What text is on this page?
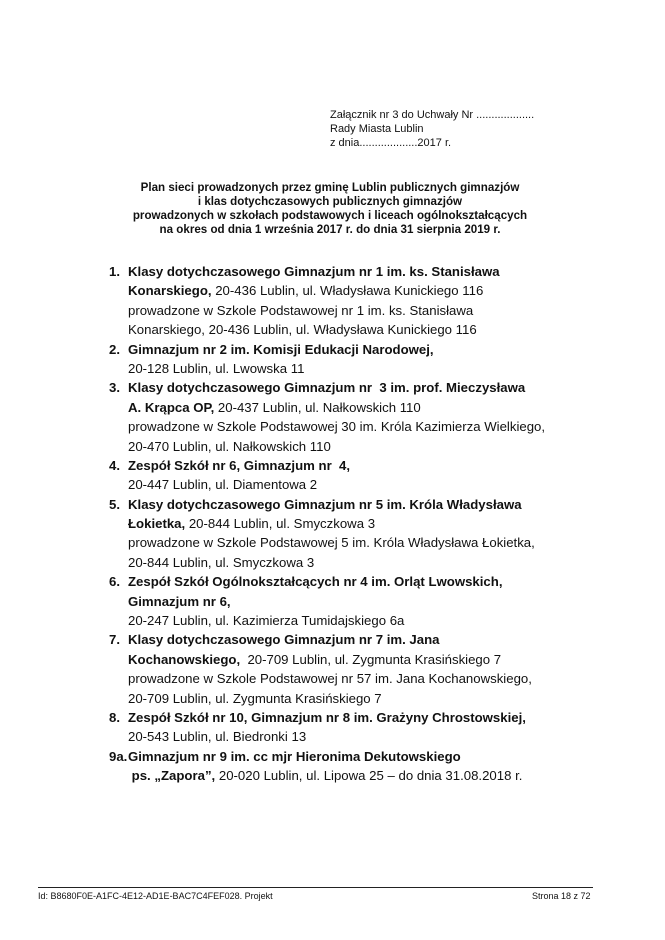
Załącznik nr 3 do Uchwały Nr ...................
Rady Miasta Lublin
z dnia...................2017 r.
Plan sieci prowadzonych przez gminę Lublin publicznych gimnazjów
i klas dotychczasowych publicznych gimnazjów
prowadzonych w szkołach podstawowych i liceach ogólnokształcących
na okres od dnia 1 września 2017 r. do dnia 31 sierpnia 2019 r.
1. Klasy dotychczasowego Gimnazjum nr 1 im. ks. Stanisława
Konarskiego, 20-436 Lublin, ul. Władysława Kunickiego 116
prowadzone w Szkole Podstawowej nr 1 im. ks. Stanisława
Konarskiego, 20-436 Lublin, ul. Władysława Kunickiego 116
2. Gimnazjum nr 2 im. Komisji Edukacji Narodowej,
20-128 Lublin, ul. Lwowska 11
3. Klasy dotychczasowego Gimnazjum nr  3 im. prof. Mieczysława
A. Krąpca OP, 20-437 Lublin, ul. Nałkowskich 110
prowadzone w Szkole Podstawowej 30 im. Króla Kazimierza Wielkiego,
20-470 Lublin, ul. Nałkowskich 110
4. Zespół Szkół nr 6, Gimnazjum nr  4,
20-447 Lublin, ul. Diamentowa 2
5. Klasy dotychczasowego Gimnazjum nr 5 im. Króla Władysława
Łokietka, 20-844 Lublin, ul. Smyczkowa 3
prowadzone w Szkole Podstawowej 5 im. Króla Władysława Łokietka,
20-844 Lublin, ul. Smyczkowa 3
6. Zespół Szkół Ogólnokształcących nr 4 im. Orląt Lwowskich,
Gimnazjum nr 6,
20-247 Lublin, ul. Kazimierza Tumidajskiego 6a
7. Klasy dotychczasowego Gimnazjum nr 7 im. Jana
Kochanowskiego,  20-709 Lublin, ul. Zygmunta Krasińskiego 7
prowadzone w Szkole Podstawowej nr 57 im. Jana Kochanowskiego,
20-709 Lublin, ul. Zygmunta Krasińskiego 7
8. Zespół Szkół nr 10, Gimnazjum nr 8 im. Grażyny Chrostowskiej,
20-543 Lublin, ul. Biedronki 13
9a. Gimnazjum nr 9 im. cc mjr Hieronima Dekutowskiego
ps. „Zapora”, 20-020 Lublin, ul. Lipowa 25 – do dnia 31.08.2018 r.
Id: B8680F0E-A1FC-4E12-AD1E-BAC7C4FEF028. Projekt	Strona 18 z 72
